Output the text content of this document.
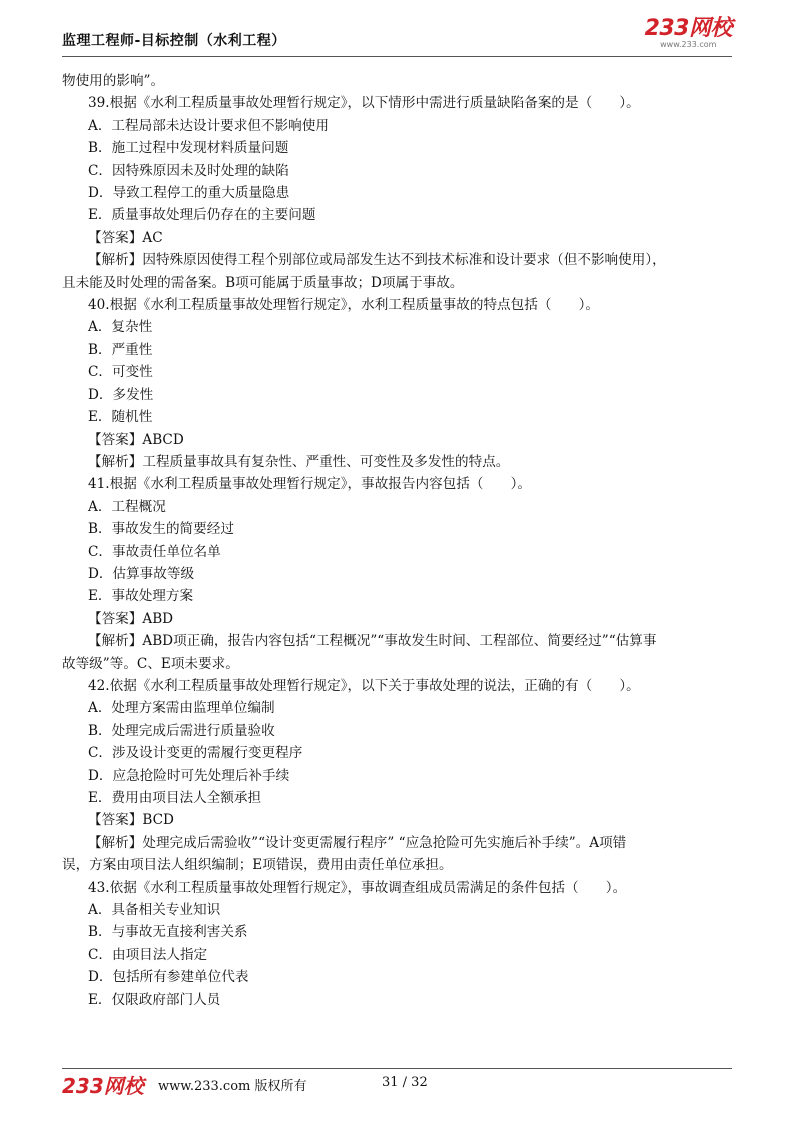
监理工程师-目标控制（水利工程）	233网校
www.233.com
物使用的影响”。
39.根据《水利工程质量事故处理暂行规定》，以下情形中需进行质量缺陷备案的是（　　）。
A．工程局部未达设计要求但不影响使用
B．施工过程中发现材料质量问题
C．因特殊原因未及时处理的缺陷
D．导致工程停工的重大质量隐患
E．质量事故处理后仍存在的主要问题
【答案】AC
【解析】因特殊原因使得工程个别部位或局部发生达不到技术标准和设计要求（但不影响使用），
且未能及时处理的需备案。B项可能属于质量事故；D项属于事故。
40.根据《水利工程质量事故处理暂行规定》，水利工程质量事故的特点包括（　　）。
A．复杂性
B．严重性
C．可变性
D．多发性
E．随机性
【答案】ABCD
【解析】工程质量事故具有复杂性、严重性、可变性及多发性的特点。
41.根据《水利工程质量事故处理暂行规定》，事故报告内容包括（　　）。
A．工程概况
B．事故发生的简要经过
C．事故责任单位名单
D．估算事故等级
E．事故处理方案
【答案】ABD
【解析】ABD项正确，报告内容包括“工程概况”“事故发生时间、工程部位、简要经过”“估算事
故等级”等。C、E项未要求。
42.依据《水利工程质量事故处理暂行规定》，以下关于事故处理的说法，正确的有（　　）。
A．处理方案需由监理单位编制
B．处理完成后需进行质量验收
C．涉及设计变更的需履行变更程序
D．应急抢险时可先处理后补手续
E．费用由项目法人全额承担
【答案】BCD
【解析】处理完成后需验收”“设计变更需履行程序” “应急抢险可先实施后补手续”。A项错
误，方案由项目法人组织编制；E项错误，费用由责任单位承担。
43.依据《水利工程质量事故处理暂行规定》，事故调查组成员需满足的条件包括（　　）。
A．具备相关专业知识
B．与事故无直接利害关系
C．由项目法人指定
D．包括所有参建单位代表
E．仅限政府部门人员
233网校 www.233.com 版权所有	31 / 32
